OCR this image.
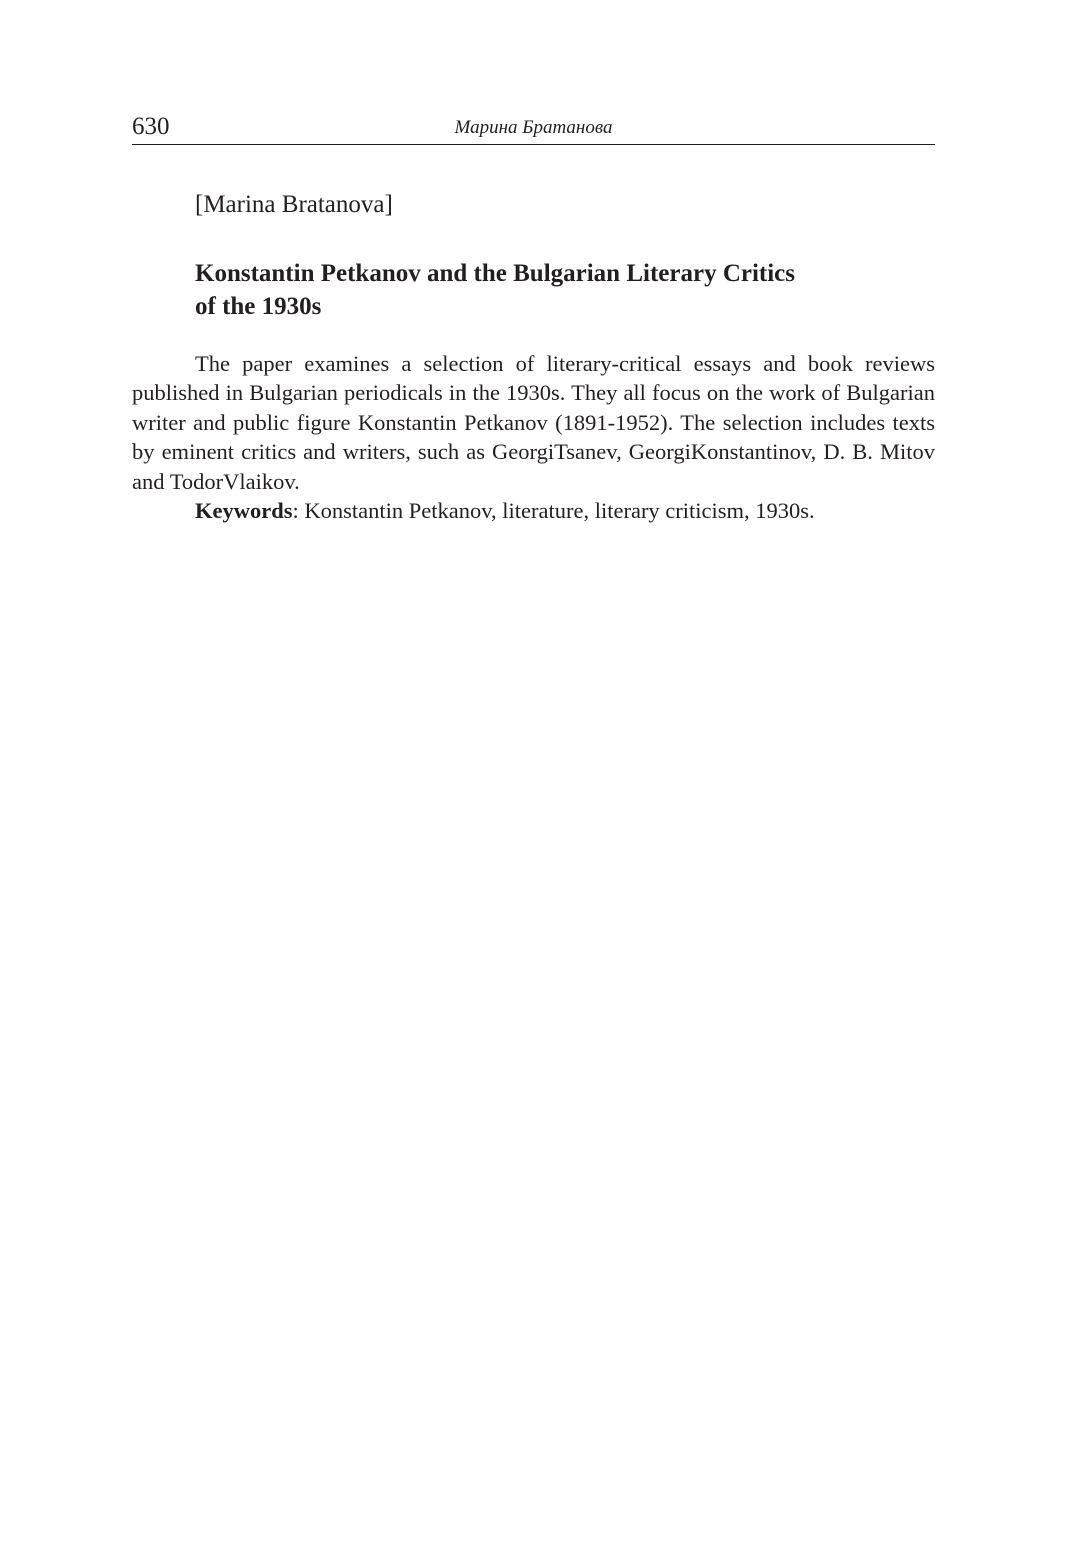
630	Марина Братанова
[Marina Bratanova]
Konstantin Petkanov and the Bulgarian Literary Critics
of the 1930s

The paper examines a selection of literary-critical essays and book reviews published in Bulgarian periodicals in the 1930s. They all focus on the work of Bulgarian writer and public figure Konstantin Petkanov (1891-1952). The selection includes texts by eminent critics and writers, such as GeorgiTsanev, GeorgiKonstantinov, D. B. Mitov and TodorVlaikov.

Keywords: Konstantin Petkanov, literature, literary criticism, 1930s.
